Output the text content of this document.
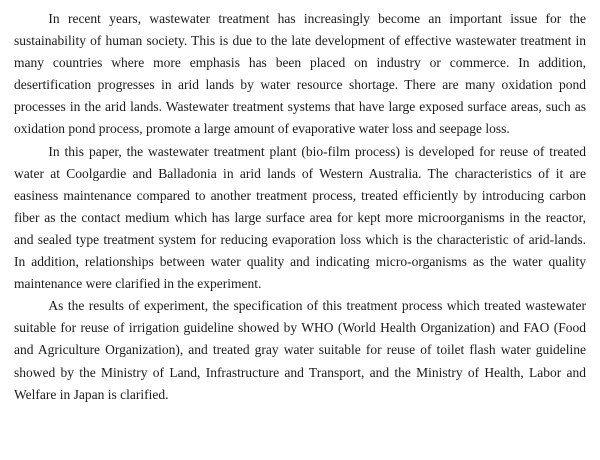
In recent years, wastewater treatment has increasingly become an important issue for the sustainability of human society. This is due to the late development of effective wastewater treatment in many countries where more emphasis has been placed on industry or commerce. In addition, desertification progresses in arid lands by water resource shortage. There are many oxidation pond processes in the arid lands. Wastewater treatment systems that have large exposed surface areas, such as oxidation pond process, promote a large amount of evaporative water loss and seepage loss.

In this paper, the wastewater treatment plant (bio-film process) is developed for reuse of treated water at Coolgardie and Balladonia in arid lands of Western Australia. The characteristics of it are easiness maintenance compared to another treatment process, treated efficiently by introducing carbon fiber as the contact medium which has large surface area for kept more microorganisms in the reactor, and sealed type treatment system for reducing evaporation loss which is the characteristic of arid-lands. In addition, relationships between water quality and indicating micro-organisms as the water quality maintenance were clarified in the experiment.

As the results of experiment, the specification of this treatment process which treated wastewater suitable for reuse of irrigation guideline showed by WHO (World Health Organization) and FAO (Food and Agriculture Organization), and treated gray water suitable for reuse of toilet flash water guideline showed by the Ministry of Land, Infrastructure and Transport, and the Ministry of Health, Labor and Welfare in Japan is clarified.
